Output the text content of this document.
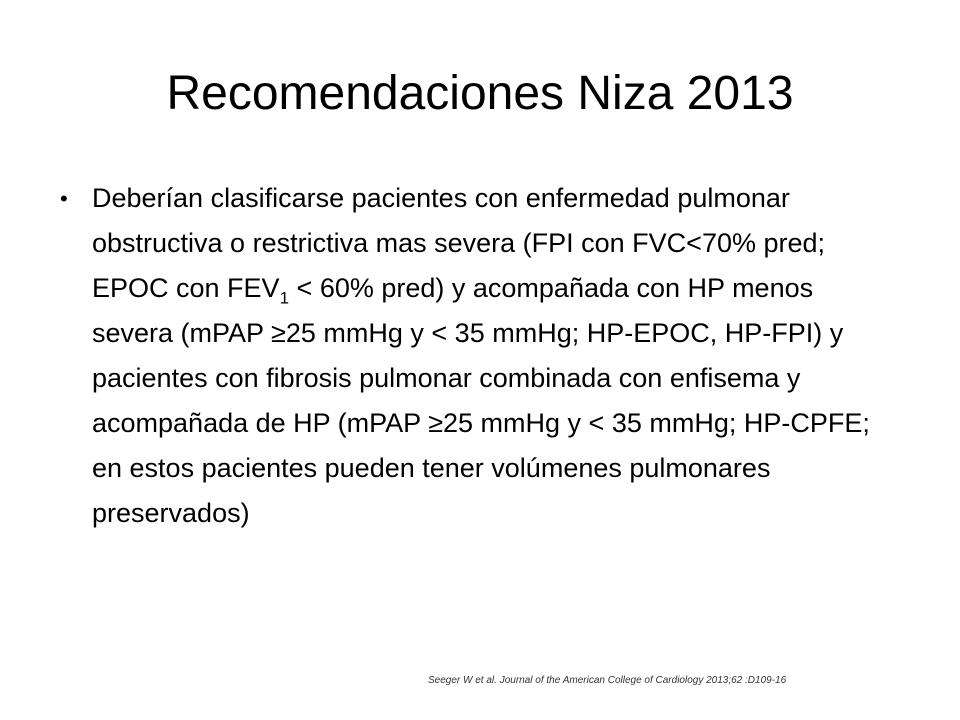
Recomendaciones Niza 2013
• Deberían clasificarse pacientes con enfermedad pulmonar obstructiva o restrictiva mas severa (FPI con FVC<70% pred; EPOC con $FEV_1 < 60\%$ pred) y acompañada con HP menos severa (mPAP ≥25 mmHg y < 35 mmHg; HP-EPOC, HP-FPI) y pacientes con fibrosis pulmonar combinada con enfisema y acompañada de HP (mPAP ≥25 mmHg y < 35 mmHg; HP-CPFE; en estos pacientes pueden tener volúmenes pulmonares preservados)
Seeger W et al. Journal of the American College of Cardiology 2013;62 :D109-16
